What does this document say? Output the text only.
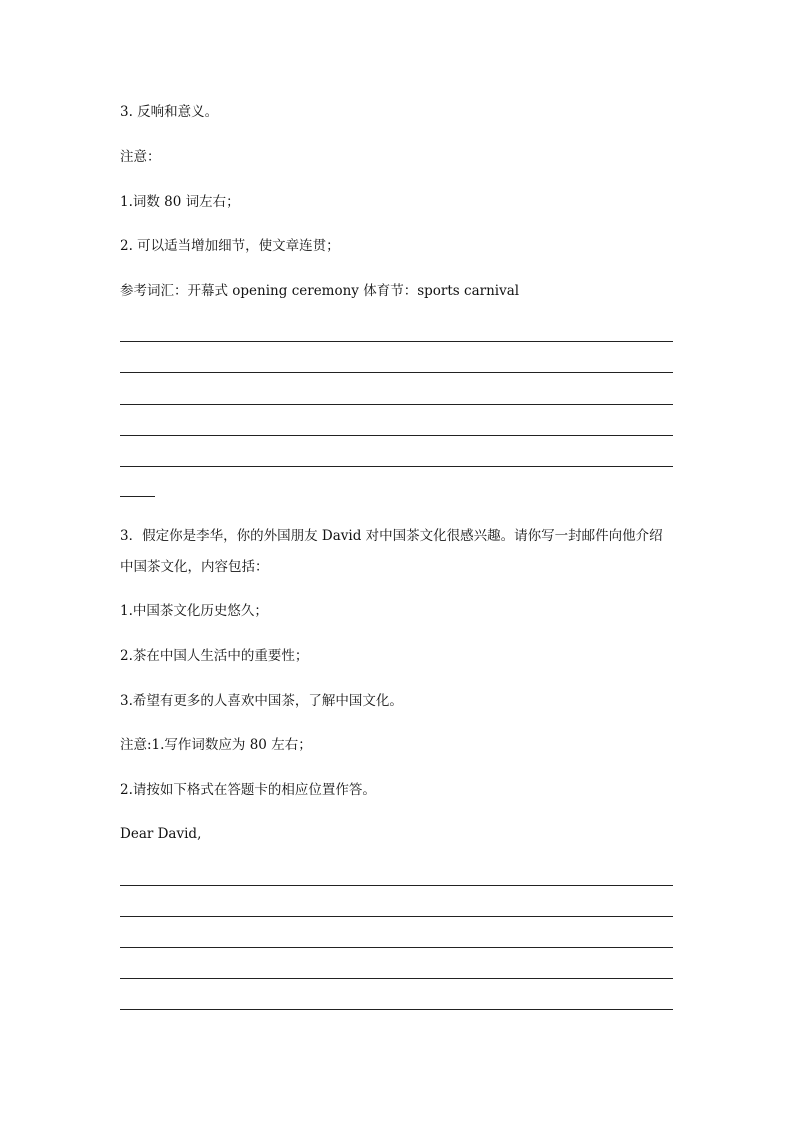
3. 反响和意义。
注意：
1.词数 80 词左右；
2. 可以适当增加细节，使文章连贯；
参考词汇：开幕式 opening ceremony 体育节：sports carnival
3．假定你是李华，你的外国朋友 David 对中国茶文化很感兴趣。请你写一封邮件向他介绍
中国茶文化，内容包括：
1.中国茶文化历史悠久；
2.茶在中国人生活中的重要性；
3.希望有更多的人喜欢中国茶，了解中国文化。
注意:1.写作词数应为 80 左右；
2.请按如下格式在答题卡的相应位置作答。
Dear David,
